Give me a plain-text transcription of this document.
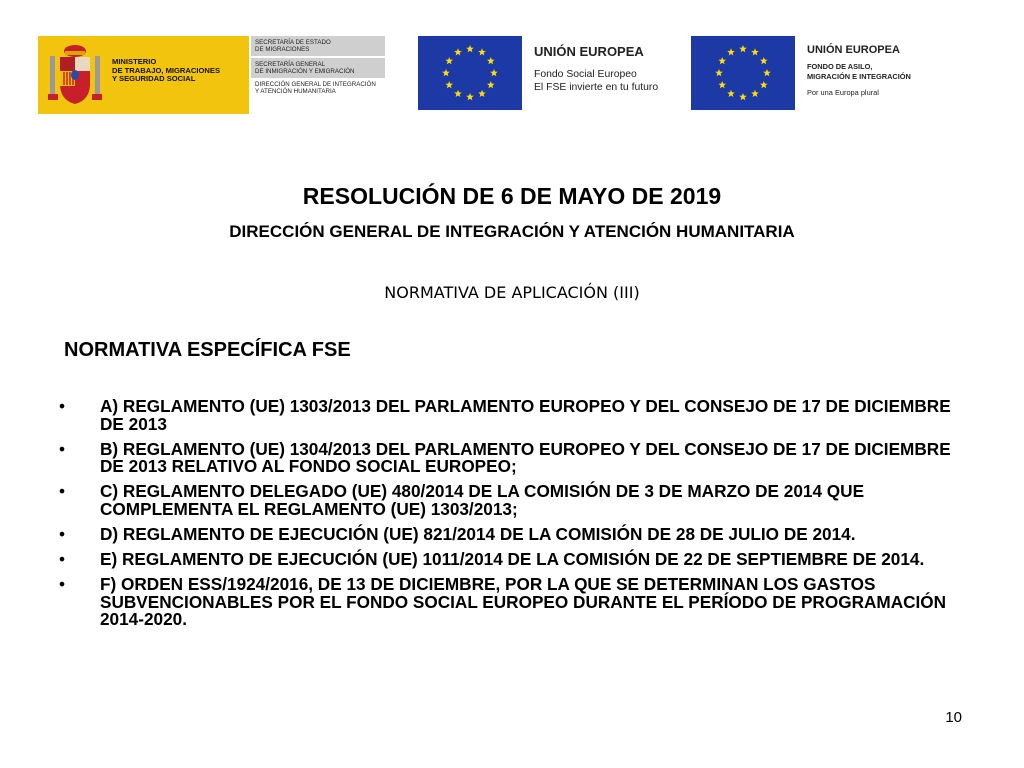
MINISTERIO
DE TRABAJO, MIGRACIONES
Y SEGURIDAD SOCIAL
SECRETARÍA DE ESTADO
DE MIGRACIONES
SECRETARÍA GENERAL
DE INMIGRACIÓN Y EMIGRACIÓN
DIRECCIÓN GENERAL DE INTEGRACIÓN
Y ATENCIÓN HUMANITARIA
UNIÓN EUROPEA
Fondo Social Europeo
El FSE invierte en tu futuro
UNIÓN EUROPEA
FONDO DE ASILO,
MIGRACIÓN E INTEGRACIÓN
Por una Europa plural
RESOLUCIÓN DE 6 DE MAYO DE 2019
DIRECCIÓN GENERAL DE INTEGRACIÓN Y ATENCIÓN HUMANITARIA
NORMATIVA DE APLICACIÓN (III)
NORMATIVA ESPECÍFICA FSE
• A) REGLAMENTO (UE) 1303/2013 DEL PARLAMENTO EUROPEO Y DEL CONSEJO DE 17 DE DICIEMBRE DE 2013
• B) REGLAMENTO (UE) 1304/2013 DEL PARLAMENTO EUROPEO Y DEL CONSEJO DE 17 DE DICIEMBRE DE 2013 RELATIVO AL FONDO SOCIAL EUROPEO;
• C) REGLAMENTO DELEGADO (UE) 480/2014 DE LA COMISIÓN DE 3 DE MARZO DE 2014 QUE COMPLEMENTA EL REGLAMENTO (UE) 1303/2013;
• D) REGLAMENTO DE EJECUCIÓN (UE) 821/2014 DE LA COMISIÓN DE 28 DE JULIO DE 2014.
• E) REGLAMENTO DE EJECUCIÓN (UE) 1011/2014 DE LA COMISIÓN DE 22 DE SEPTIEMBRE DE 2014.
• F) ORDEN ESS/1924/2016, DE 13 DE DICIEMBRE, POR LA QUE SE DETERMINAN LOS GASTOS SUBVENCIONABLES POR EL FONDO SOCIAL EUROPEO DURANTE EL PERÍODO DE PROGRAMACIÓN 2014-2020.
10
